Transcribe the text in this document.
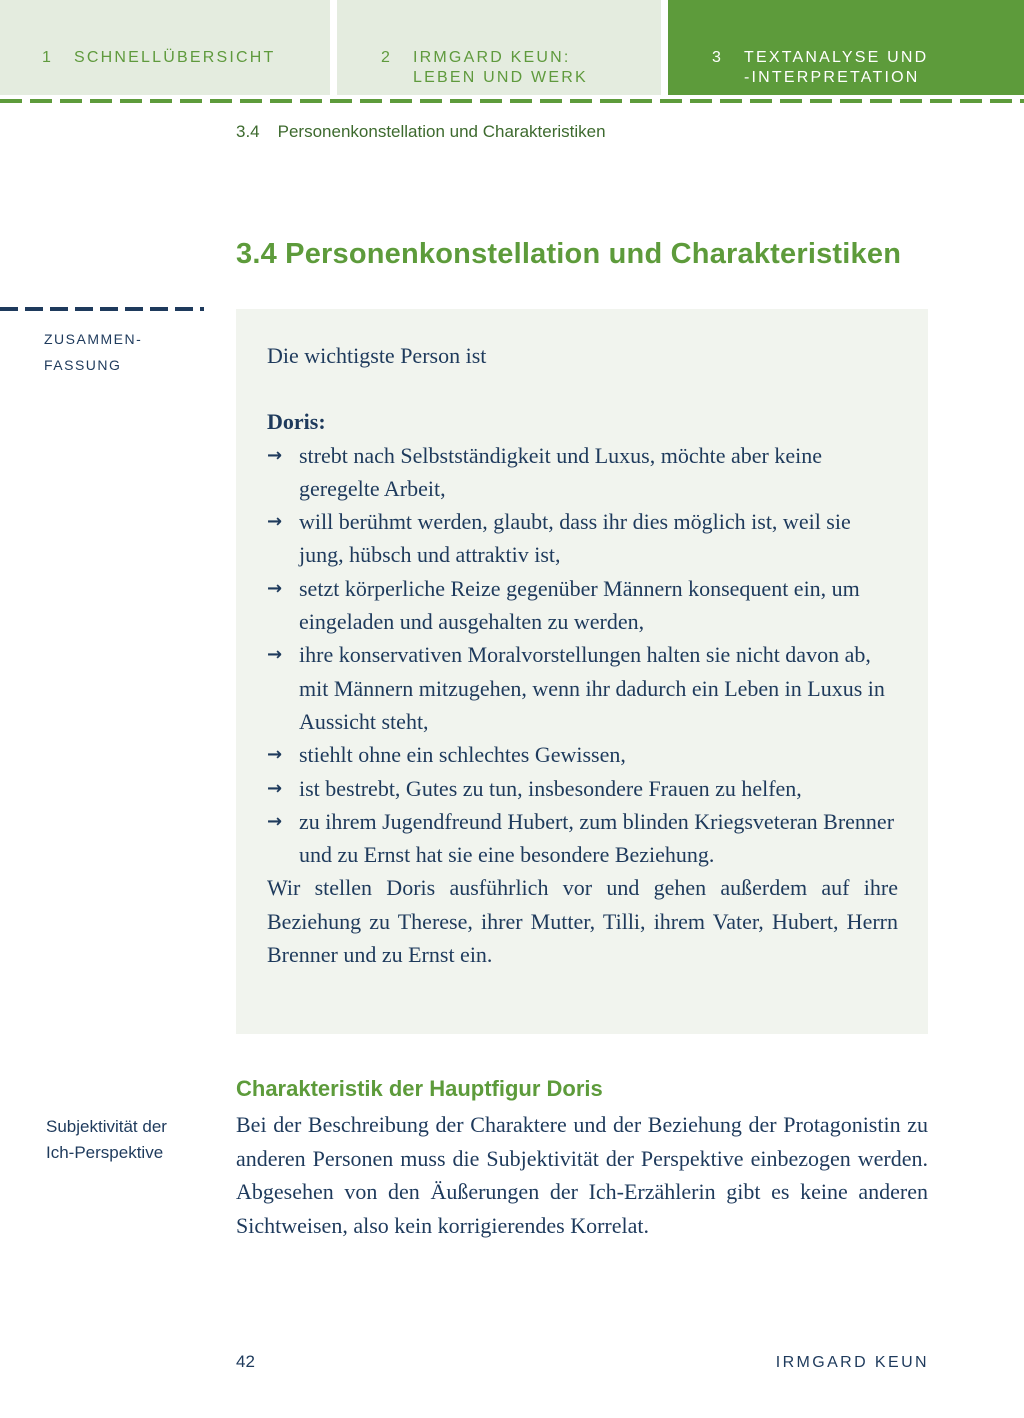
1 SCHNELLÜBERSICHT	2 IRMGARD KEUN:
LEBEN UND WERK
3 TEXTANALYSE UND
-INTERPRETATION
3.4 Personenkonstellation und Charakteristiken
3.4 Personenkonstellation und Charakteristiken
ZUSAMMEN-
FASSUNG	Die wichtigste Person ist

Doris:

→ strebt nach Selbstständigkeit und Luxus, möchte aber keine geregelte Arbeit,
→ will berühmt werden, glaubt, dass ihr dies möglich ist, weil sie jung, hübsch und attraktiv ist,
→ setzt körperliche Reize gegenüber Männern konsequent ein, um eingeladen und ausgehalten zu werden,
→ ihre konservativen Moralvorstellungen halten sie nicht davon ab, mit Männern mitzugehen, wenn ihr dadurch ein Leben in Luxus in Aussicht steht,
→ stiehlt ohne ein schlechtes Gewissen,
→ ist bestrebt, Gutes zu tun, insbesondere Frauen zu helfen,
→ zu ihrem Jugendfreund Hubert, zum blinden Kriegsveteran Brenner und zu Ernst hat sie eine besondere Beziehung.

Wir stellen Doris ausführlich vor und gehen außerdem auf ihre Beziehung zu Therese, ihrer Mutter, Tilli, ihrem Vater, Hubert, Herrn Brenner und zu Ernst ein.

Charakteristik der Hauptfigur Doris
Subjektivität der
Ich-Perspektive

Bei der Beschreibung der Charaktere und der Beziehung der Protagonistin zu anderen Personen muss die Subjektivität der Perspektive einbezogen werden. Abgesehen von den Äußerungen der Ich-Erzählerin gibt es keine anderen Sichtweisen, also kein korrigierendes Korrelat.

42	IRMGARD KEUN
